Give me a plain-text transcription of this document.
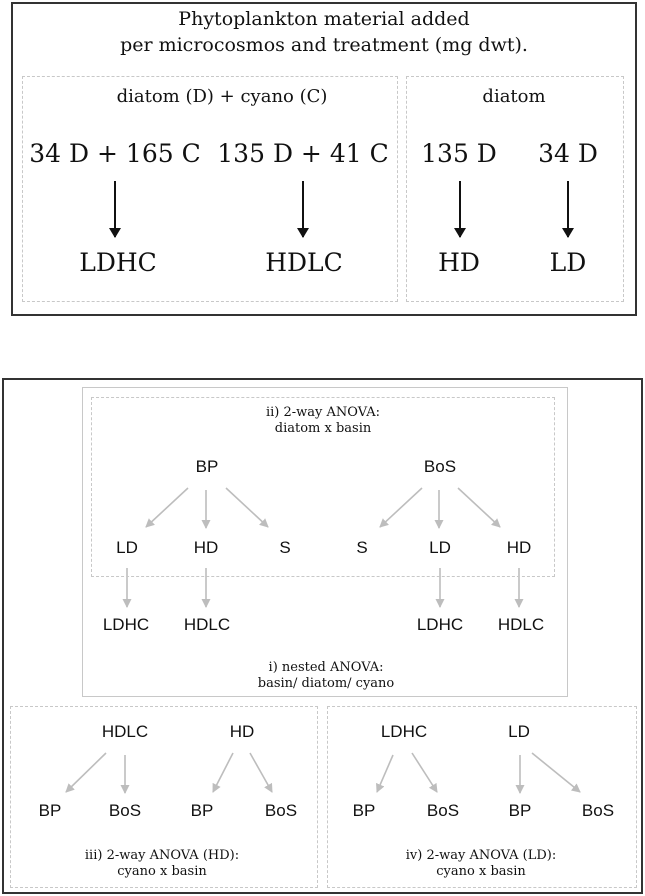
Phytoplankton material added
per microcosmos and treatment (mg dwt).
diatom (D) + cyano (C)	diatom
34 D + 165 C 135 D + 41 C 135 D 34 D
LDHC	HDLC	HD	LD
ii) 2-way ANOVA:
diatom x basin
BP	BoS
LD	HD	S	S	LD	HD
LDHC HDLC	LDHC HDLC
i) nested ANOVA:
basin/ diatom/ cyano
HDLC	HD
BP	BoS	BP	BoS
iii) 2-way ANOVA (HD):
cyano x basin
LDHC	LD
BP	BoS	BP	BoS
iv) 2-way ANOVA (LD):
cyano x basin
